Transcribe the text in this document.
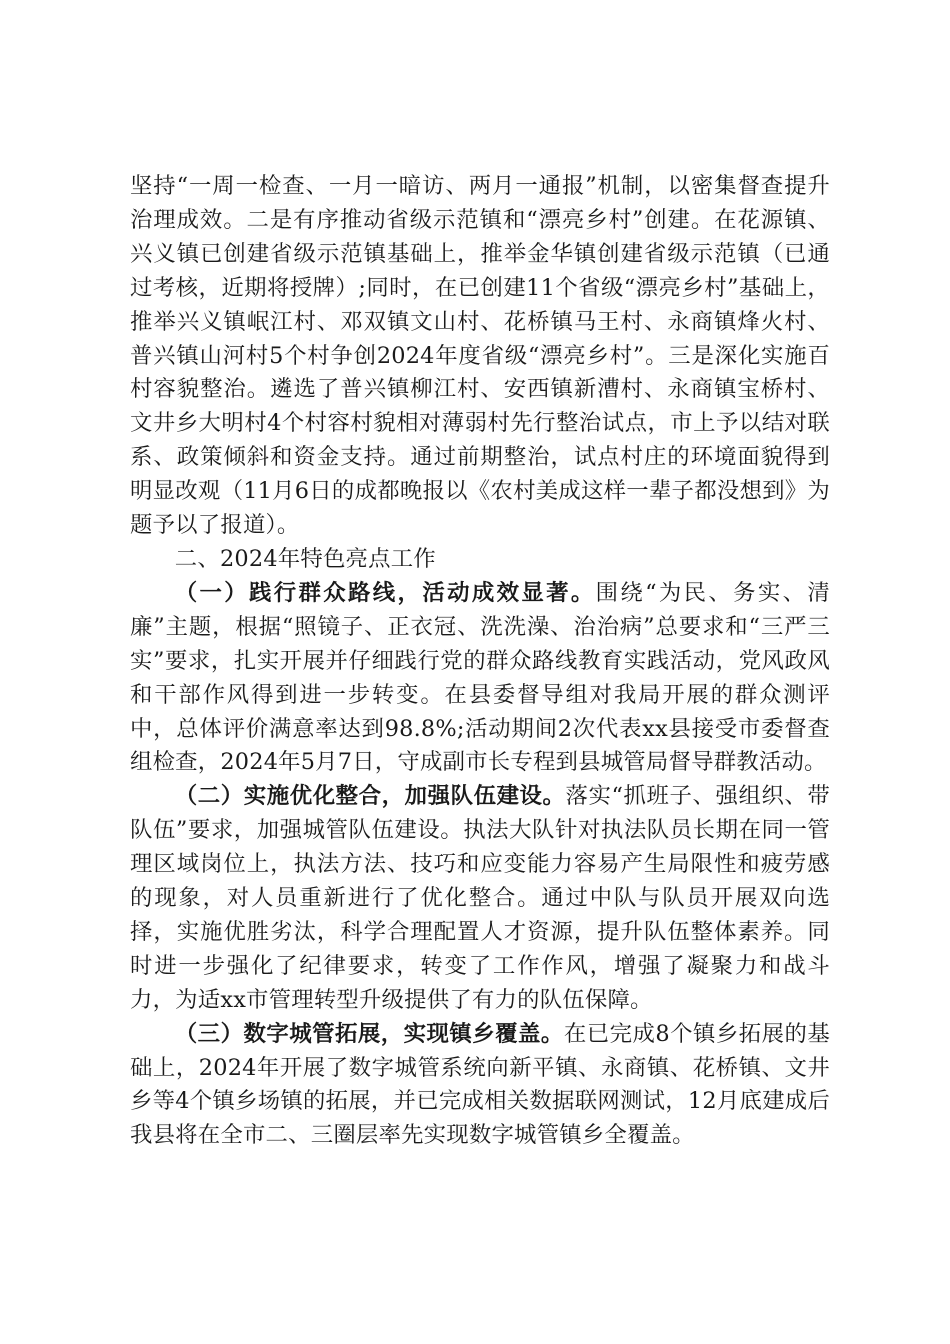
坚持“一周一检查、一月一暗访、两月一通报”机制，以密集督查提升治理成效。二是有序推动省级示范镇和“漂亮乡村”创建。在花源镇、兴义镇已创建省级示范镇基础上，推举金华镇创建省级示范镇（已通过考核，近期将授牌）;同时，在已创建11个省级“漂亮乡村”基础上，推举兴义镇岷江村、邓双镇文山村、花桥镇马王村、永商镇烽火村、普兴镇山河村5个村争创2024年度省级“漂亮乡村”。三是深化实施百村容貌整治。遴选了普兴镇柳江村、安西镇新漕村、永商镇宝桥村、文井乡大明村4个村容村貌相对薄弱村先行整治试点，市上予以结对联系、政策倾斜和资金支持。通过前期整治，试点村庄的环境面貌得到明显改观（11月6日的成都晚报以《农村美成这样一辈子都没想到》为题予以了报道）。

二、2024年特色亮点工作

（一）践行群众路线，活动成效显著。围绕“为民、务实、清廉”主题，根据“照镜子、正衣冠、洗洗澡、治治病”总要求和“三严三实”要求，扎实开展并仔细践行党的群众路线教育实践活动，党风政风和干部作风得到进一步转变。在县委督导组对我局开展的群众测评中，总体评价满意率达到98.8%;活动期间2次代表xx县接受市委督查组检查，2024年5月7日，守成副市长专程到县城管局督导群教活动。

（二）实施优化整合，加强队伍建设。落实“抓班子、强组织、带队伍”要求，加强城管队伍建设。执法大队针对执法队员长期在同一管理区域岗位上，执法方法、技巧和应变能力容易产生局限性和疲劳感的现象，对人员重新进行了优化整合。通过中队与队员开展双向选择，实施优胜劣汰，科学合理配置人才资源，提升队伍整体素养。同时进一步强化了纪律要求，转变了工作作风，增强了凝聚力和战斗力，为适xx市管理转型升级提供了有力的队伍保障。

（三）数字城管拓展，实现镇乡覆盖。在已完成8个镇乡拓展的基础上，2024年开展了数字城管系统向新平镇、永商镇、花桥镇、文井乡等4个镇乡场镇的拓展，并已完成相关数据联网测试，12月底建成后我县将在全市二、三圈层率先实现数字城管镇乡全覆盖。
